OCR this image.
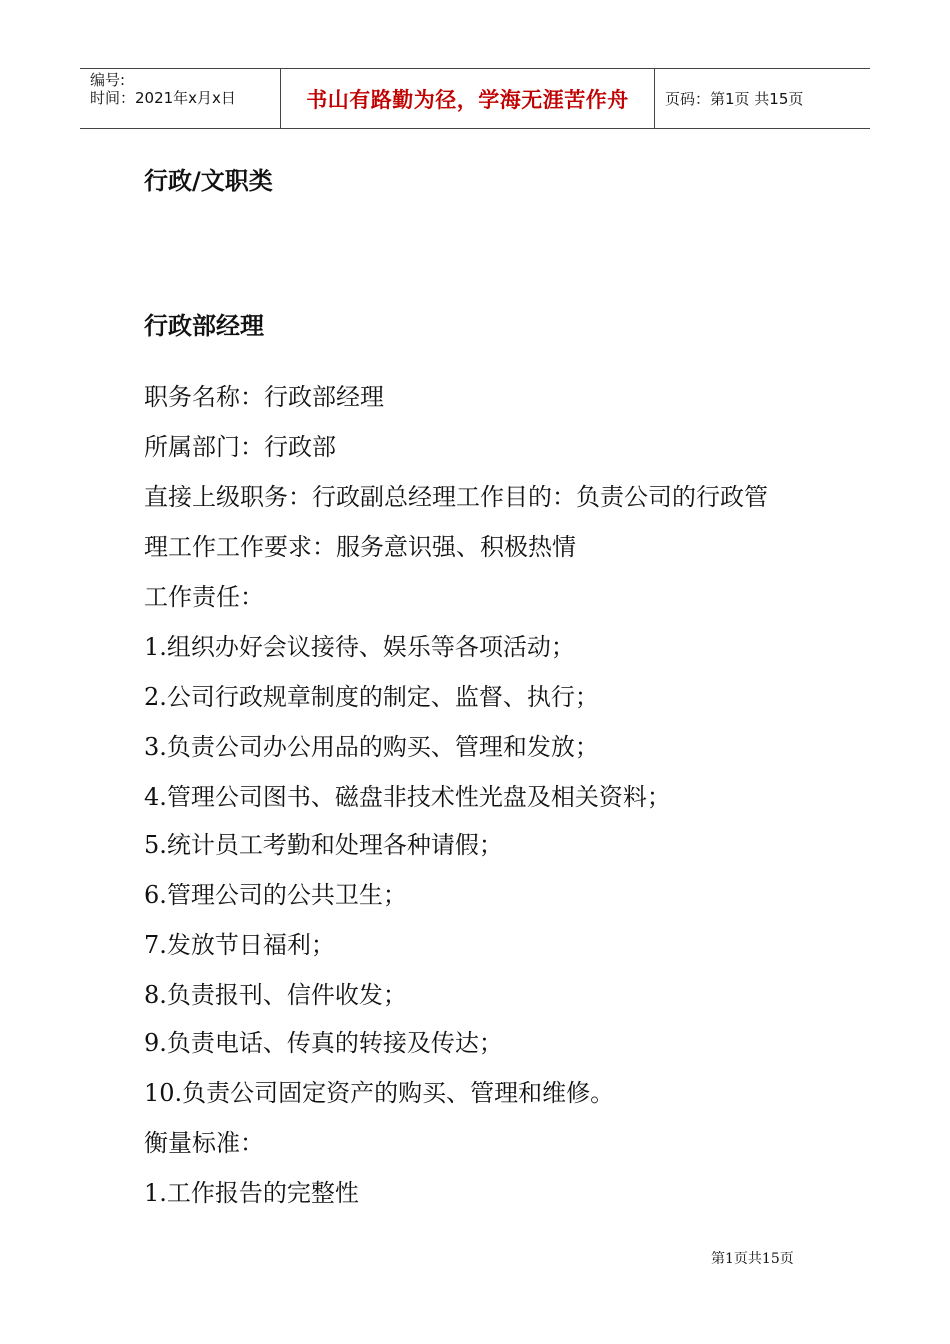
编号:
时间：2021年x月x日	书山有路勤为径，学海无涯苦作舟	页码：第1页 共15页
行政/文职类
行政部经理
职务名称：行政部经理
所属部门：行政部
直接上级职务：行政副总经理工作目的：负责公司的行政管
理工作工作要求：服务意识强、积极热情
工作责任：
1.组织办好会议接待、娱乐等各项活动；
2.公司行政规章制度的制定、监督、执行；
3.负责公司办公用品的购买、管理和发放；
4.管理公司图书、磁盘非技术性光盘及相关资料；
5.统计员工考勤和处理各种请假；
6.管理公司的公共卫生；
7.发放节日福利；
8.负责报刊、信件收发；
9.负责电话、传真的转接及传达；
10.负责公司固定资产的购买、管理和维修。
衡量标准：
1.工作报告的完整性
第1页共15页
